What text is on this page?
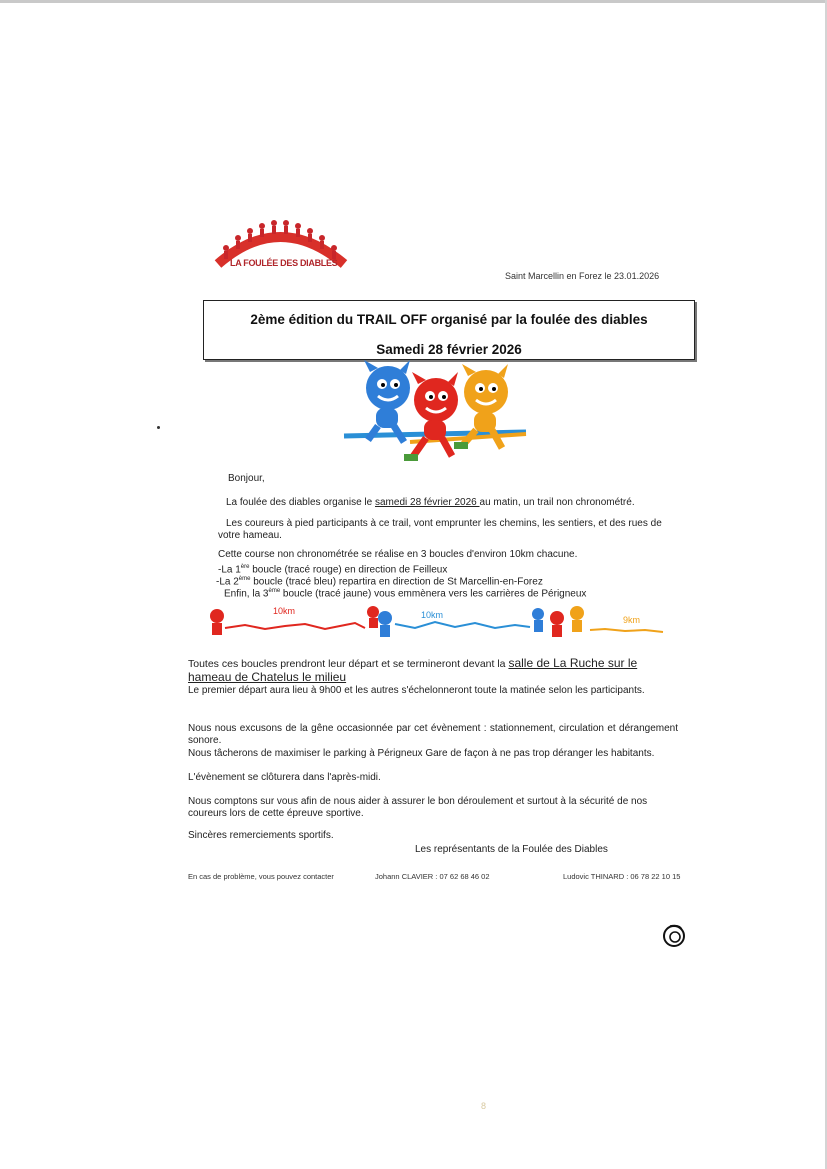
LA FOULÉE DES DIABLES
Saint Marcellin en Forez le 23.01.2026
2ème édition du TRAIL OFF organisé par la foulée des diables
Samedi 28 février 2026
Bonjour,
La foulée des diables organise le samedi 28 février 2026 au matin, un trail non chronométré.
Les coureurs à pied participants à ce trail, vont emprunter les chemins, les sentiers, et des rues de votre hameau.
Cette course non chronométrée se réalise en 3 boucles d'environ 10km chacune.
-La 1ère boucle (tracé rouge) en direction de Feilleux
-La 2ème boucle (tracé bleu) repartira en direction de St Marcellin-en-Forez
Enfin, la 3ème boucle (tracé jaune) vous emmènera vers les carrières de Périgneux
10km	10km	9km
Toutes ces boucles prendront leur départ et se termineront devant la salle de La Ruche sur le hameau de Chatelus le milieu
Le premier départ aura lieu à 9h00 et les autres s'échelonneront toute la matinée selon les participants.
Nous nous excusons de la gêne occasionnée par cet évènement : stationnement, circulation et dérangement sonore.
Nous tâcherons de maximiser le parking à Périgneux Gare de façon à ne pas trop déranger les habitants.
L'évènement se clôturera dans l'après-midi.
Nous comptons sur vous afin de nous aider à assurer le bon déroulement et surtout à la sécurité de nos coureurs lors de cette épreuve sportive.
Sincères remerciements sportifs.
Les représentants de la Foulée des Diables
En cas de problème, vous pouvez contacter	Johann CLAVIER : 07 62 68 46 02	Ludovic THINARD : 06 78 22 10 15
8
